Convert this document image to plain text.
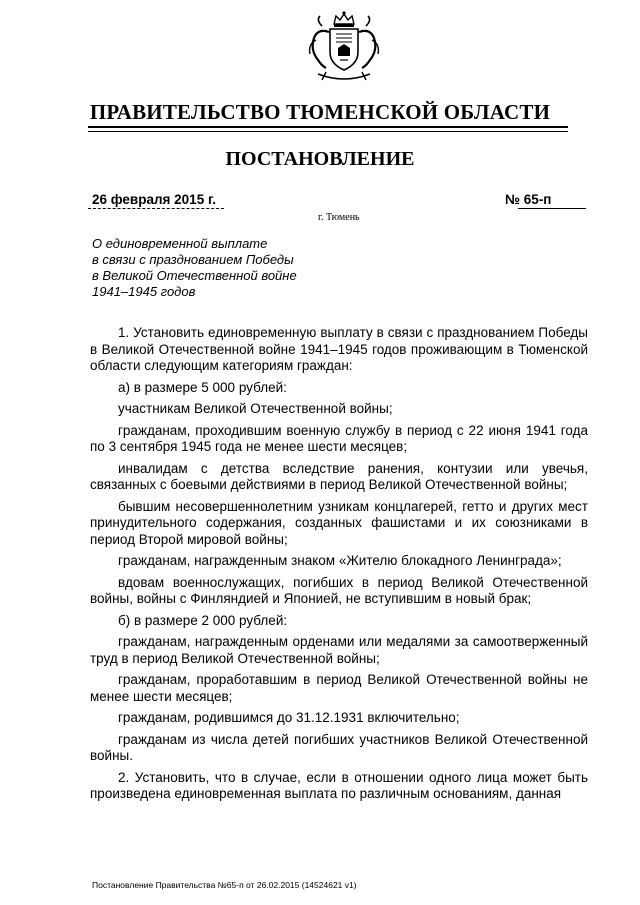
ПРАВИТЕЛЬСТВО ТЮМЕНСКОЙ ОБЛАСТИ
ПОСТАНОВЛЕНИЕ
26 февраля 2015 г.	№ 65-п
г. Тюмень
О единовременной выплате
в связи с празднованием Победы
в Великой Отечественной войне
1941–1945 годов

1. Установить единовременную выплату в связи с празднованием Победы в Великой Отечественной войне 1941–1945 годов проживающим в Тюменской области следующим категориям граждан:

а) в размере 5 000 рублей:

участникам Великой Отечественной войны;

гражданам, проходившим военную службу в период с 22 июня 1941 года по 3 сентября 1945 года не менее шести месяцев;

инвалидам с детства вследствие ранения, контузии или увечья, связанных с боевыми действиями в период Великой Отечественной войны;

бывшим несовершеннолетним узникам концлагерей, гетто и других мест принудительного содержания, созданных фашистами и их союзниками в период Второй мировой войны;

гражданам, награжденным знаком «Жителю блокадного Ленинграда»;

вдовам военнослужащих, погибших в период Великой Отечественной войны, войны с Финляндией и Японией, не вступившим в новый брак;

б) в размере 2 000 рублей:

гражданам, награжденным орденами или медалями за самоотверженный труд в период Великой Отечественной войны;

гражданам, проработавшим в период Великой Отечественной войны не менее шести месяцев;

гражданам, родившимся до 31.12.1931 включительно;

гражданам из числа детей погибших участников Великой Отечественной войны.

2. Установить, что в случае, если в отношении одного лица может быть произведена единовременная выплата по различным основаниям, данная

Постановление Правительства №65-п от 26.02.2015 (14524621 v1)
